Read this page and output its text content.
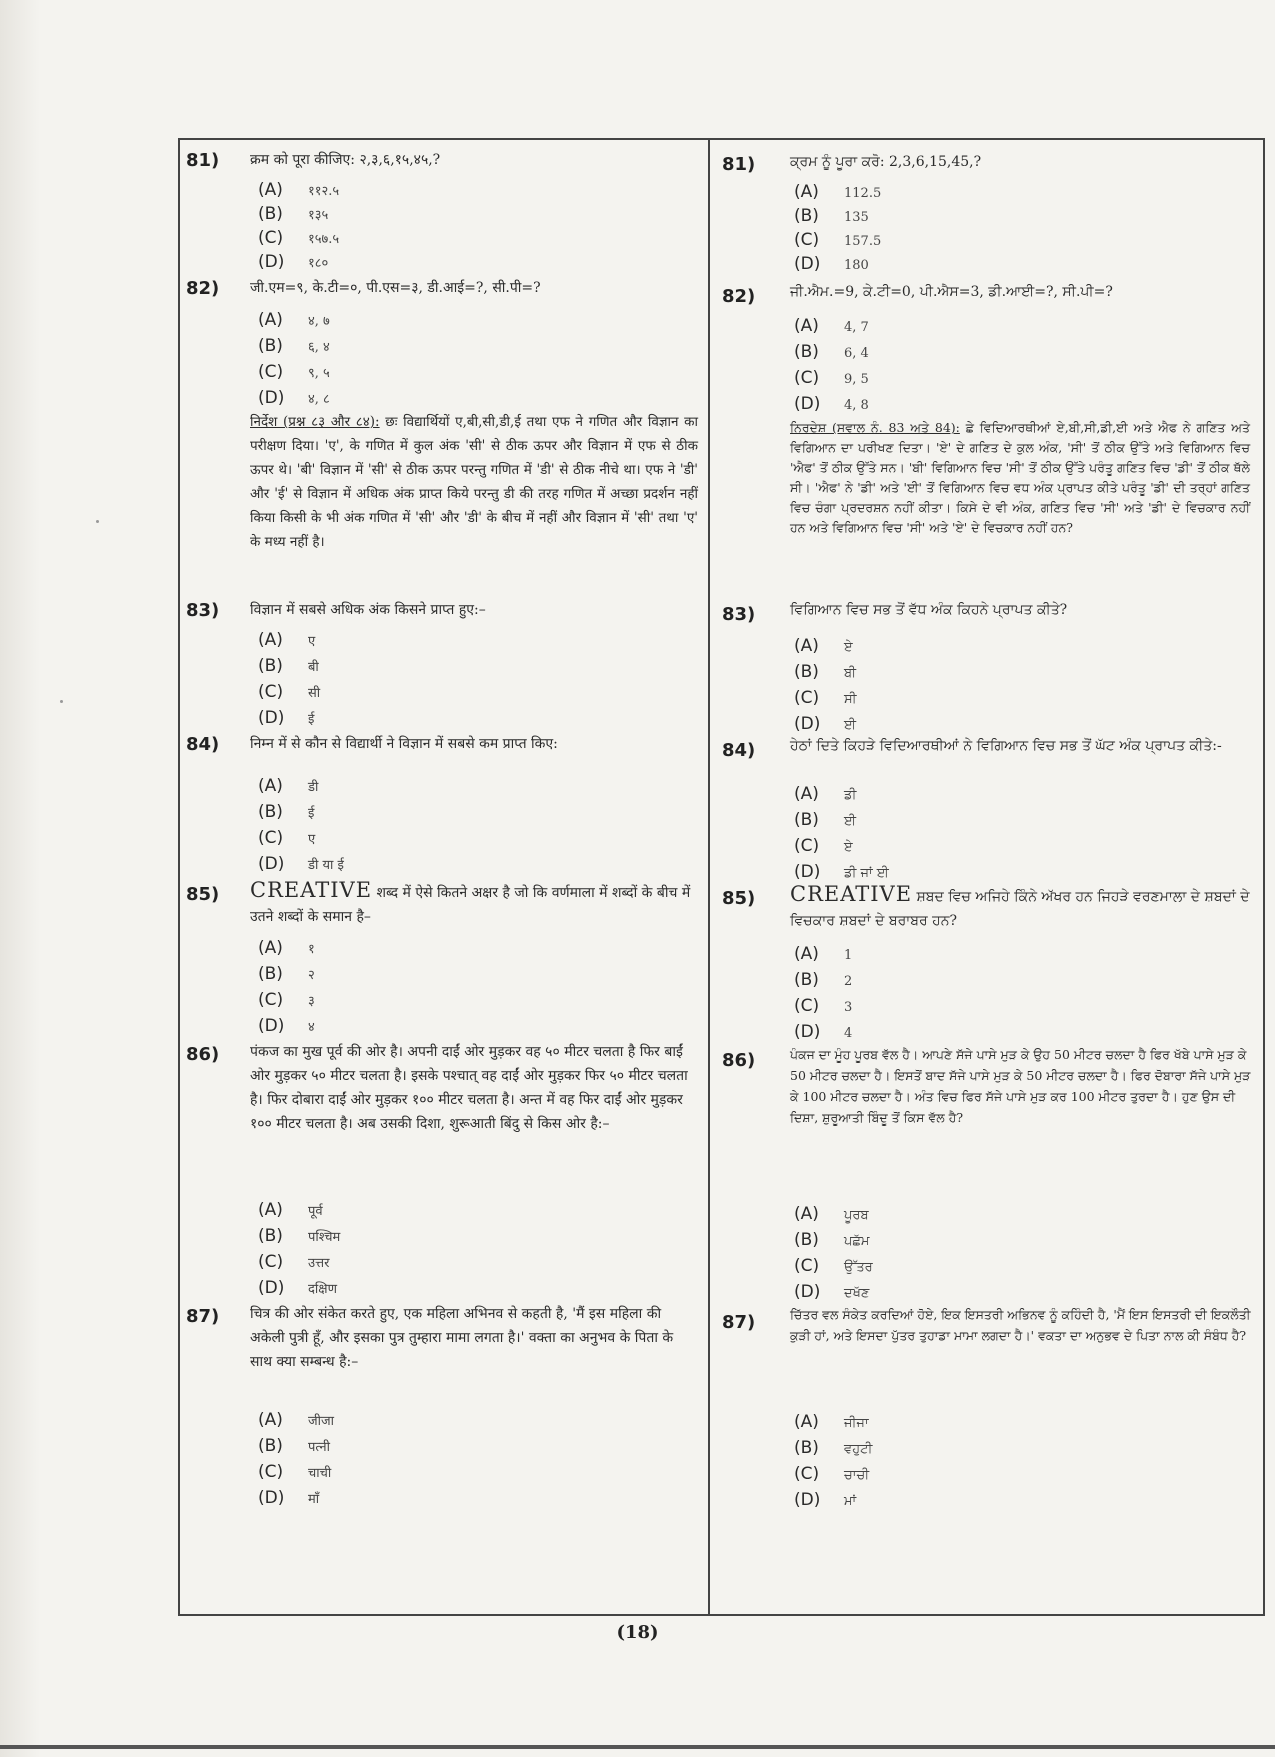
81) क्रम को पूरा कीजिए: २,३,६,१५,४५,?
(A) ११२.५
(B) १३५
(C) १५७.५
(D) १८०
82) जी.एम=९, के.टी=०, पी.एस=३, डी.आई=?, सी.पी=?
(A) ४, ७
(B) ६, ४
(C) ९, ५
(D) ४, ८
निर्देश (प्रश्न ८३ और ८४): छः विद्यार्थियों ए,बी,सी,डी,ई तथा एफ ने गणित और विज्ञान का परीक्षण दिया। 'ए', के गणित में कुल अंक 'सी' से ठीक ऊपर और विज्ञान में एफ से ठीक ऊपर थे। 'बी' विज्ञान में 'सी' से ठीक ऊपर परन्तु गणित में 'डी' से ठीक नीचे था। एफ ने 'डी' और 'ई' से विज्ञान में अधिक अंक प्राप्त किये परन्तु डी की तरह गणित में अच्छा प्रदर्शन नहीं किया किसी के भी अंक गणित में 'सी' और 'डी' के बीच में नहीं और विज्ञान में 'सी' तथा 'ए' के मध्य नहीं है।
83) विज्ञान में सबसे अधिक अंक किसने प्राप्त हुए:–
(A) ए
(B) बी
(C) सी
(D) ई
84) निम्न में से कौन से विद्यार्थी ने विज्ञान में सबसे कम प्राप्त किए:
(A) डी
(B) ई
(C) ए
(D) डी या ई
85) CREATIVE शब्द में ऐसे कितने अक्षर है जो कि वर्णमाला में शब्दों के बीच में उतने शब्दों के समान है–
(A) १
(B) २
(C) ३
(D) ४
86) पंकज का मुख पूर्व की ओर है। अपनी दाईं ओर मुड़कर वह ५० मीटर चलता है फिर बाईं ओर मुड़कर ५० मीटर चलता है। इसके पश्चात् वह दाईं ओर मुड़कर फिर ५० मीटर चलता है। फिर दोबारा दाईं ओर मुड़कर १०० मीटर चलता है। अन्त में वह फिर दाईं ओर मुड़कर १०० मीटर चलता है। अब उसकी दिशा, शुरूआती बिंदु से किस ओर है:–
(A) पूर्व
(B) पश्चिम
(C) उत्तर
(D) दक्षिण
87) चित्र की ओर संकेत करते हुए, एक महिला अभिनव से कहती है, 'मैं इस महिला की अकेली पुत्री हूँ, और इसका पुत्र तुम्हारा मामा लगता है।' वक्ता का अनुभव के पिता के साथ क्या सम्बन्ध है:–
(A) जीजा
(B) पत्नी
(C) चाची
(D) माँ
81) ਕ੍ਰਮ ਨੂੰ ਪੂਰਾ ਕਰੋ: 2,3,6,15,45,?
(A) 112.5
(B) 135
(C) 157.5
(D) 180
82) ਜੀ.ਐਮ.=9, ਕੇ.ਟੀ=0, ਪੀ.ਐਸ=3, ਡੀ.ਆਈ=?, ਸੀ.ਪੀ=?
(A) 4, 7
(B) 6, 4
(C) 9, 5
(D) 4, 8
ਨਿਰਦੇਸ਼ (ਸਵਾਲ ਨੰ. 83 ਅਤੇ 84): ਛੇ ਵਿਦਿਆਰਥੀਆਂ ਏ,ਬੀ,ਸੀ,ਡੀ,ਈ ਅਤੇ ਐਫ ਨੇ ਗਣਿਤ ਅਤੇ ਵਿਗਿਆਨ ਦਾ ਪਰੀਖਣ ਦਿਤਾ। 'ਏ' ਦੇ ਗਣਿਤ ਦੇ ਕੁਲ ਅੰਕ, 'ਸੀ' ਤੋਂ ਠੀਕ ਉੱਤੇ ਅਤੇ ਵਿਗਿਆਨ ਵਿਚ 'ਐਫ' ਤੋਂ ਠੀਕ ਉੱਤੇ ਸਨ। 'ਬੀ' ਵਿਗਿਆਨ ਵਿਚ 'ਸੀ' ਤੋਂ ਠੀਕ ਉੱਤੇ ਪਰੰਤੂ ਗਣਿਤ ਵਿਚ 'ਡੀ' ਤੋਂ ਠੀਕ ਥੱਲੇ ਸੀ। 'ਐਫ' ਨੇ 'ਡੀ' ਅਤੇ 'ਈ' ਤੋਂ ਵਿਗਿਆਨ ਵਿਚ ਵਧ ਅੰਕ ਪ੍ਰਾਪਤ ਕੀਤੇ ਪਰੰਤੂ 'ਡੀ' ਦੀ ਤਰ੍ਹਾਂ ਗਣਿਤ ਵਿਚ ਚੰਗਾ ਪ੍ਰਦਰਸ਼ਨ ਨਹੀਂ ਕੀਤਾ। ਕਿਸੇ ਦੇ ਵੀ ਅੰਕ, ਗਣਿਤ ਵਿਚ 'ਸੀ' ਅਤੇ 'ਡੀ' ਦੇ ਵਿਚਕਾਰ ਨਹੀਂ ਹਨ ਅਤੇ ਵਿਗਿਆਨ ਵਿਚ 'ਸੀ' ਅਤੇ 'ਏ' ਦੇ ਵਿਚਕਾਰ ਨਹੀਂ ਹਨ?
83) ਵਿਗਿਆਨ ਵਿਚ ਸਭ ਤੋਂ ਵੱਧ ਅੰਕ ਕਿਹਨੇ ਪ੍ਰਾਪਤ ਕੀਤੇ?
(A) ਏ
(B) ਬੀ
(C) ਸੀ
(D) ਈ
84) ਹੇਠਾਂ ਦਿਤੇ ਕਿਹੜੇ ਵਿਦਿਆਰਥੀਆਂ ਨੇ ਵਿਗਿਆਨ ਵਿਚ ਸਭ ਤੋਂ ਘੱਟ ਅੰਕ ਪ੍ਰਾਪਤ ਕੀਤੇ:-
(A) ਡੀ
(B) ਈ
(C) ਏ
(D) ਡੀ ਜਾਂ ਈ
85) CREATIVE ਸ਼ਬਦ ਵਿਚ ਅਜਿਹੇ ਕਿੰਨੇ ਅੱਖਰ ਹਨ ਜਿਹੜੇ ਵਰਣਮਾਲਾ ਦੇ ਸ਼ਬਦਾਂ ਦੇ ਵਿਚਕਾਰ ਸ਼ਬਦਾਂ ਦੇ ਬਰਾਬਰ ਹਨ?
(A) 1
(B) 2
(C) 3
(D) 4
86)	ਪੰਕਜ ਦਾ ਮੂੰਹ ਪੂਰਬ ਵੱਲ ਹੈ। ਆਪਣੇ ਸੱਜੇ ਪਾਸੇ ਮੁੜ ਕੇ ਉਹ 50 ਮੀਟਰ ਚਲਦਾ ਹੈ ਫਿਰ ਖੱਬੇ ਪਾਸੇ ਮੁੜ ਕੇ 50 ਮੀਟਰ ਚਲਦਾ ਹੈ। ਇਸਤੋਂ ਬਾਦ ਸੱਜੇ ਪਾਸੇ ਮੁੜ ਕੇ 50 ਮੀਟਰ ਚਲਦਾ ਹੈ। ਫਿਰ ਦੋਬਾਰਾ ਸੱਜੇ ਪਾਸੇ ਮੁੜ ਕੇ 100 ਮੀਟਰ ਚਲਦਾ ਹੈ। ਅੰਤ ਵਿਚ ਫਿਰ ਸੱਜੇ ਪਾਸੇ ਮੁੜ ਕਰ 100 ਮੀਟਰ ਤੁਰਦਾ ਹੈ। ਹੁਣ ਉਸ ਦੀ ਦਿਸ਼ਾ, ਸ਼ੁਰੂਆਤੀ ਬਿੰਦੂ ਤੋਂ ਕਿਸ ਵੱਲ ਹੈ?
(A) ਪੂਰਬ
(B) ਪਛੱਮ
(C) ਉੱਤਰ
(D) ਦਖੱਣ
87)	ਚਿੱਤਰ ਵਲ ਸੰਕੇਤ ਕਰਦਿਆਂ ਹੋਏ, ਇਕ ਇਸਤਰੀ ਅਭਿਨਵ ਨੂੰ ਕਹਿੰਦੀ ਹੈ, 'ਮੈਂ ਇਸ ਇਸਤਰੀ ਦੀ ਇਕਲੌਤੀ ਕੁੜੀ ਹਾਂ, ਅਤੇ ਇਸਦਾ ਪੁੱਤਰ ਤੁਹਾਡਾ ਮਾਮਾ ਲਗਦਾ ਹੈ।' ਵਕਤਾ ਦਾ ਅਨੁਭਵ ਦੇ ਪਿਤਾ ਨਾਲ ਕੀ ਸੰਬੰਧ ਹੈ?
(A) ਜੀਜਾ
(B) ਵਹੁਟੀ
(C) ਚਾਚੀ
(D) ਮਾਂ
(18)
